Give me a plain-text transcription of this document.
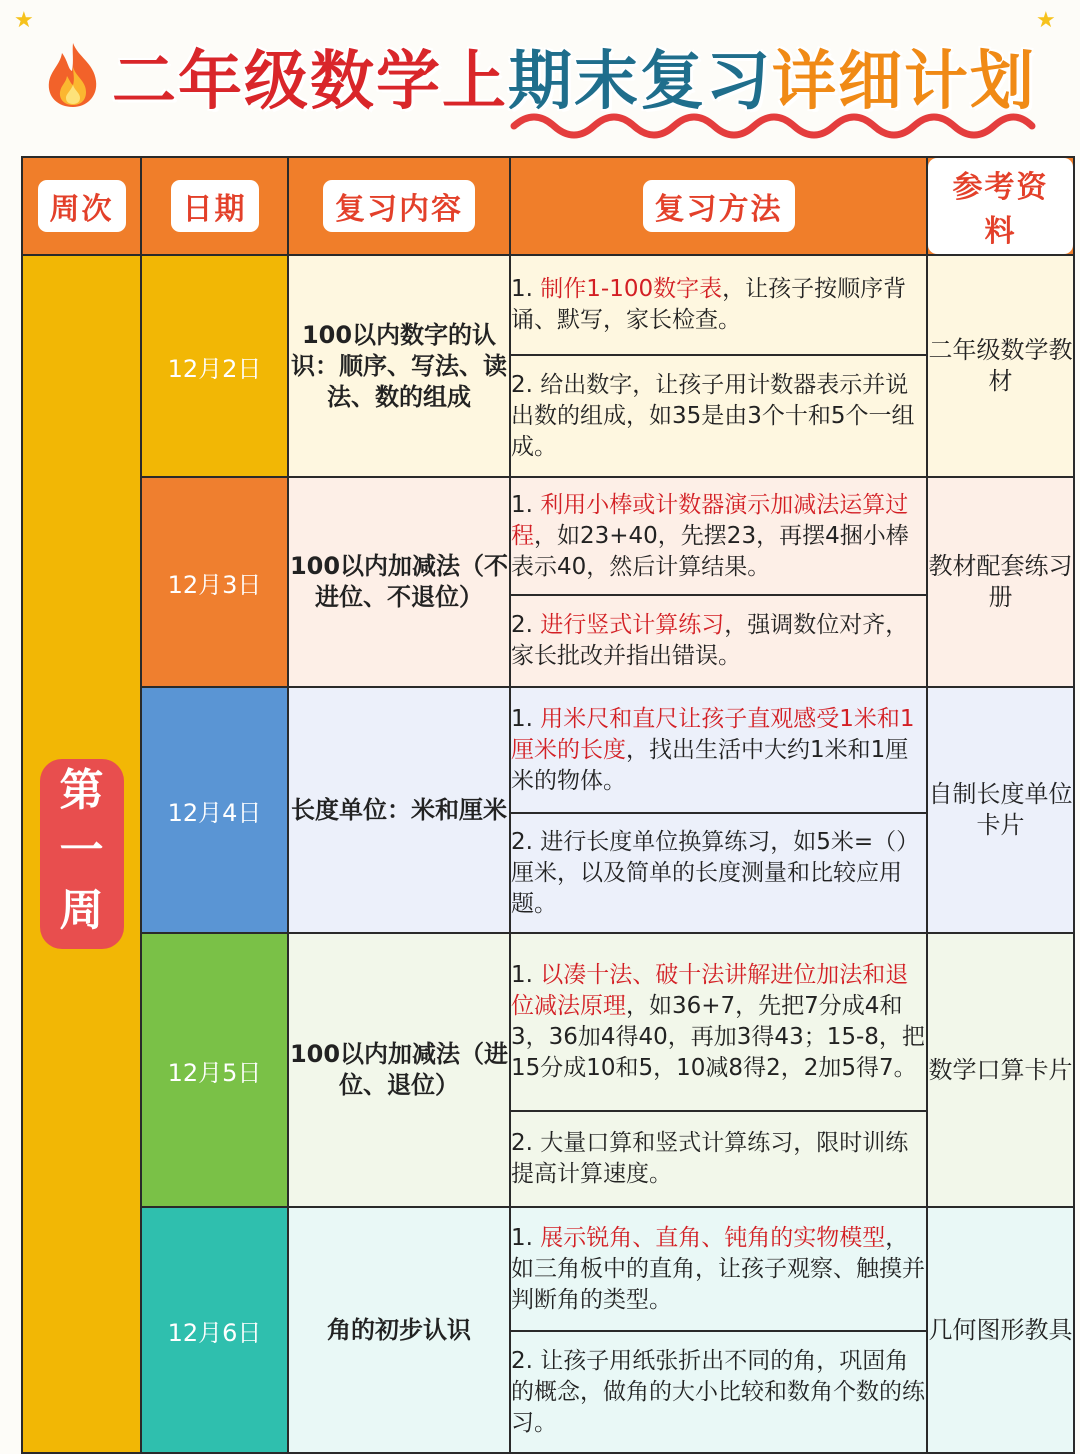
★	★
二年级数学上期末复习详细计划
周次	日期	复习内容	复习方法	参考资料

第
一
周	12月2日	100以内数字的认识：顺序、写法、读法、数的组成	1. 制作1-100数字表，让孩子按顺序背诵、默写，家长检查。	二年级数学教材
			2. 给出数字，让孩子用计数器表示并说出数的组成，如35是由3个十和5个一组成。	
	12月3日	100以内加减法（不进位、不退位）	1. 利用小棒或计数器演示加减法运算过程，如23+40，先摆23，再摆4捆小棒表示40，然后计算结果。	教材配套练习册
			2. 进行竖式计算练习，强调数位对齐，家长批改并指出错误。	
	12月4日	长度单位：米和厘米	1. 用米尺和直尺让孩子直观感受1米和1厘米的长度，找出生活中大约1米和1厘米的物体。	自制长度单位卡片
			2. 进行长度单位换算练习，如5米=（）厘米，以及简单的长度测量和比较应用题。	
	12月5日	100以内加减法（进位、退位）	1. 以凑十法、破十法讲解进位加法和退位减法原理，如36+7，先把7分成4和3，36加4得40，再加3得43；15-8，把15分成10和5，10减8得2，2加5得7。	数学口算卡片
			2. 大量口算和竖式计算练习，限时训练提高计算速度。	
	12月6日	角的初步认识	1. 展示锐角、直角、钝角的实物模型，如三角板中的直角，让孩子观察、触摸并判断角的类型。	几何图形教具
			2. 让孩子用纸张折出不同的角，巩固角的概念，做角的大小比较和数角个数的练习。	
